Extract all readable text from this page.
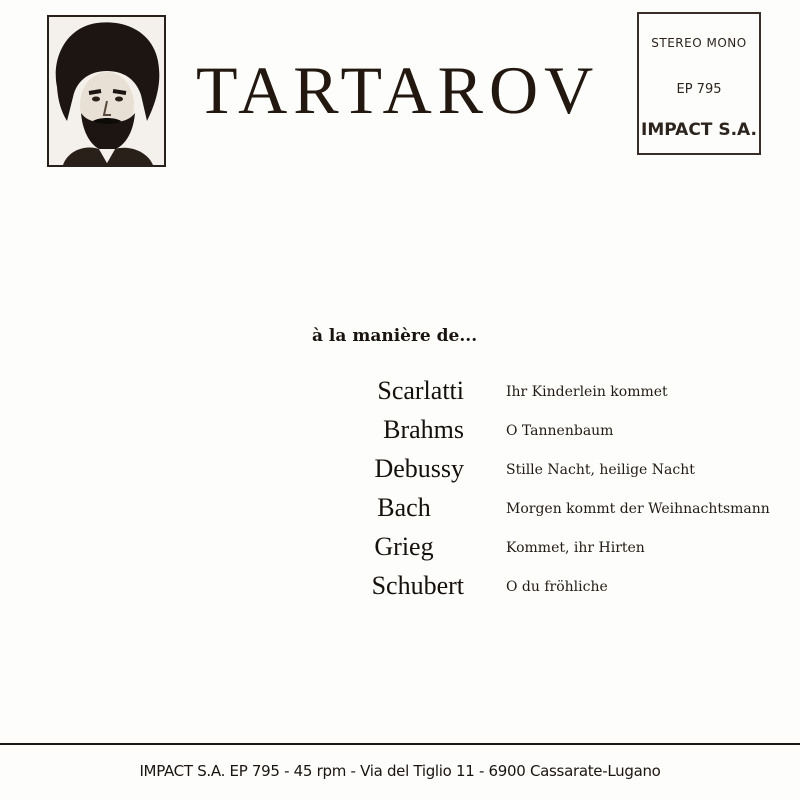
TARTAROV
STEREO MONO
EP 795
IMPACT S.A.
à la manière de...
Scarlatti	Ihr Kinderlein kommet
Brahms	O Tannenbaum
Debussy	Stille Nacht, heilige Nacht
Bach	Morgen kommt der Weihnachtsmann
Grieg	Kommet, ihr Hirten
Schubert	O du fröhliche
IMPACT S.A. EP 795 - 45 rpm - Via del Tiglio 11 - 6900 Cassarate-Lugano
